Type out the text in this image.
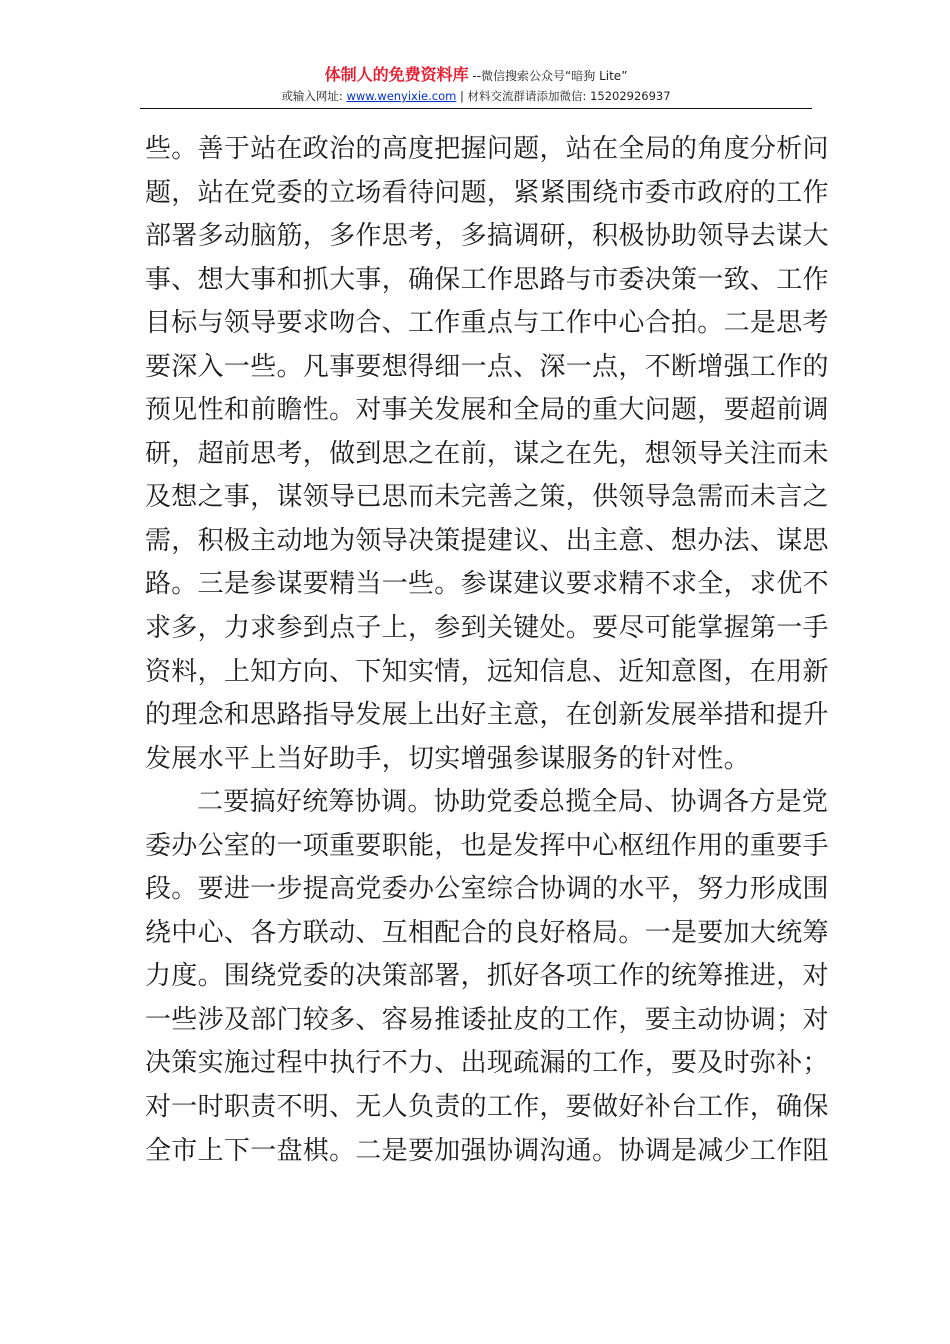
体制人的免费资料库 --微信搜索公众号“暗狗 Lite”
或输入网址: www.wenyixie.com | 材料交流群请添加微信: 15202926937
些。善于站在政治的高度把握问题，站在全局的角度分析问
题，站在党委的立场看待问题，紧紧围绕市委市政府的工作
部署多动脑筋，多作思考，多搞调研，积极协助领导去谋大
事、想大事和抓大事，确保工作思路与市委决策一致、工作
目标与领导要求吻合、工作重点与工作中心合拍。二是思考
要深入一些。凡事要想得细一点、深一点，不断增强工作的
预见性和前瞻性。对事关发展和全局的重大问题，要超前调
研，超前思考，做到思之在前，谋之在先，想领导关注而未
及想之事，谋领导已思而未完善之策，供领导急需而未言之
需，积极主动地为领导决策提建议、出主意、想办法、谋思
路。三是参谋要精当一些。参谋建议要求精不求全，求优不
求多，力求参到点子上，参到关键处。要尽可能掌握第一手
资料，上知方向、下知实情，远知信息、近知意图，在用新
的理念和思路指导发展上出好主意，在创新发展举措和提升
发展水平上当好助手，切实增强参谋服务的针对性。
二要搞好统筹协调。协助党委总揽全局、协调各方是党
委办公室的一项重要职能，也是发挥中心枢纽作用的重要手
段。要进一步提高党委办公室综合协调的水平，努力形成围
绕中心、各方联动、互相配合的良好格局。一是要加大统筹
力度。围绕党委的决策部署，抓好各项工作的统筹推进，对
一些涉及部门较多、容易推诿扯皮的工作，要主动协调；对
决策实施过程中执行不力、出现疏漏的工作，要及时弥补；
对一时职责不明、无人负责的工作，要做好补台工作，确保
全市上下一盘棋。二是要加强协调沟通。协调是减少工作阻
